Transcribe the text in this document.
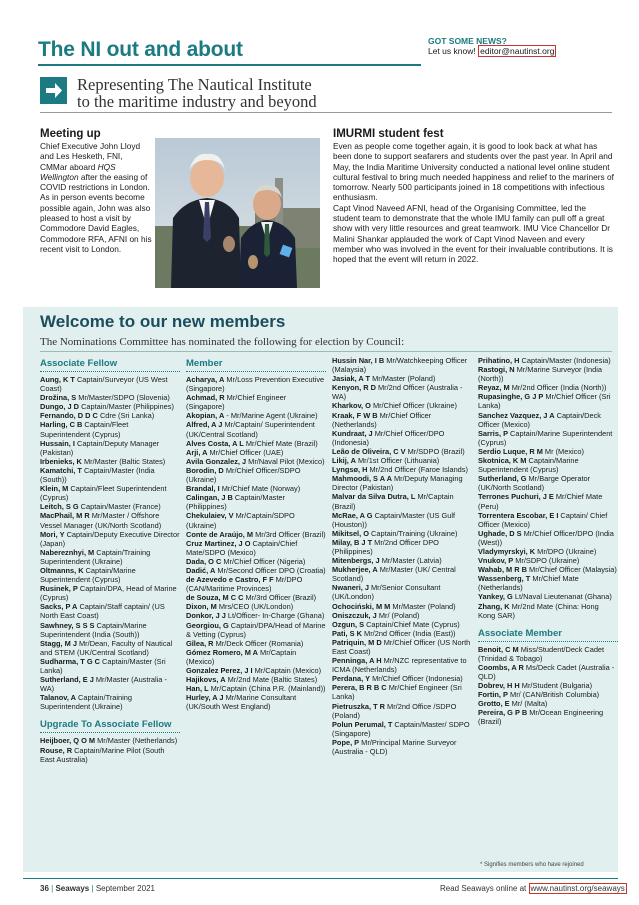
The NI out and about	GOT SOME NEWS?
Let us know! editor@nautinst.org
Representing The Nautical Institute
to the maritime industry and beyond
Meeting up
Chief Executive John Lloyd and Les Hesketh, FNI, CMMar aboard HQS Wellington after the easing of COVID restrictions in London.
As in person events become possible again, John was also pleased to host a visit by Commodore David Eagles, Commodore RFA, AFNI on his recent visit to London.
IMURMI student fest
Even as people come together again, it is good to look back at what has been done to support seafarers and students over the past year. In April and May, the India Maritime University conducted a national level online student cultural festival to bring much needed happiness and relief to the mariners of tomorrow. Nearly 500 participants joined in 18 competitions with infectious enthusiasm.
Capt Vinod Naveed AFNI, head of the Organising Committee, led the student team to demonstrate that the whole IMU family can pull off a great show with very little resources and great teamwork. IMU Vice Chancellor Dr Malini Shankar applauded the work of Capt Vinod Naveen and every member who was involved in the event for their invaluable contributions. It is hoped that the event will return in 2022.
Welcome to our new members
The Nominations Committee has nominated the following for election by Council:
Associate Fellow

Aung, K T Captain/Surveyor (US West Coast)

Drožina, S Mr/Master/SDPO (Slovenia)

Dungo, J D Captain/Master (Philippines)

Fernando, D D C Cdre (Sri Lanka)

Harling, C B Captain/Fleet Superintendent (Cyprus)

Hussain, I Captain/Deputy Manager (Pakistan)

Irbenieks, K Mr/Master (Baltic States)

Kamatchi, T Captain/Master (India (South))

Klein, M Captain/Fleet Superintendent (Cyprus)

Leitch, S G Captain/Master (France)

MacPhail, M R Mr/Master / Offshore Vessel Manager (UK/North Scotland)

Mori, Y Captain/Deputy Executive Director (Japan)

Nabereznhyi, M Captain/Training Superintendent (Ukraine)

Oltmanns, K Captain/Marine Superintendent (Cyprus)

Rusinek, P Captain/DPA, Head of Marine (Cyprus)

Sacks, P A Captain/Staff captain/ (US North East Coast)

Sawhney, S S S Captain/Marine Superintendent (India (South))

Stagg, M J Mr/Dean, Faculty of Nautical and STEM (UK/Central Scotland)

Sudharma, T G C Captain/Master (Sri Lanka)

Sutherland, E J Mr/Master (Australia - WA)

Talanov, A Captain/Training Superintendent (Ukraine)

Upgrade To Associate Fellow

Heijboer, Q O M Mr/Master (Netherlands)

Rouse, R Captain/Marine Pilot (South East Australia)

Member

Acharya, A Mr/Loss Prevention Executive (Singapore)

Achmad, R Mr/Chief Engineer (Singapore)

Akopian, A - Mr/Marine Agent (Ukraine)

Alfred, A J Mr/Captain/ Superintendent (UK/Central Scotland)

Alves Costa, A L Mr/Chief Mate (Brazil)

Arji, A Mr/Chief Officer (UAE)

Avila Gonzalez, J Mr/Naval Pilot (Mexico)

Borodin, D Mr/Chief Officer/SDPO (Ukraine)

Brandal, I Mr/Chief Mate (Norway)

Calingan, J B Captain/Master (Philippines)

Chekulaiev, V Mr/Captain/SDPO (Ukraine)

Conte de Araújo, M Mr/3rd Officer (Brazil)

Cruz Martinez, J O Captain/Chief Mate/SDPO (Mexico)

Dada, O C Mr/Chief Officer (Nigeria)

Dadić, A Mr/Second Officer DPO (Croatia)

de Azevedo e Castro, F F Mr/DPO (CAN/Maritime Provinces)

de Souza, M C C Mr/3rd Officer (Brazil)

Dixon, M Mrs/CEO (UK/London)

Donkor, J J Lt/Officer- In-Charge (Ghana)

Georgiou, G Captain/DPA/Head of Marine & Vetting (Cyprus)

Gîlea, R Mr/Deck Officer (Romania)

Gómez Romero, M A Mr/Captain (Mexico)

Gonzalez Perez, J I Mr/Captain (Mexico)

Hajikovs, A Mr/2nd Mate (Baltic States)

Han, L Mr/Captain (China P.R. (Mainland))

Hurley, A J Mr/Marine Consultant (UK/South West England)

Hussin Nar, I B Mr/Watchkeeping Officer (Malaysia)

Jasiak, A T Mr/Master (Poland)

Kenyon, R D Mr/2nd Officer (Australia - WA)

Kharkov, O Mr/Chief Officer (Ukraine)

Kraak, F W B Mr/Chief Officer (Netherlands)

Kundraat, J Mr/Chief Officer/DPO (Indonesia)

Leão de Oliveira, C V Mr/SDPO (Brazil)

Likij, A Mr/1st Officer (Lithuania)

Lyngsø, H Mr/2nd Officer (Faroe Islands)

Mahmoodi, S A A Mr/Deputy Managing Director (Pakistan)

Malvar da Silva Dutra, L Mr/Captain (Brazil)

McRae, A G Captain/Master (US Gulf (Houston))

Mikitsel, O Captain/Training (Ukraine)

Milay, B J T Mr/2nd Officer DPO (Philippines)

Mitenbergs, J Mr/Master (Latvia)

Mukherjee, A Mr/Master (UK/ Central Scotland)

Nwaneri, J Mr/Senior Consultant (UK/London)

Ochociński, M M Mr/Master (Poland)

Oniszczuk, J Mr/ (Poland)

Ozgun, S Captain/Chief Mate (Cyprus)

Pati, S K Mr/2nd Officer (India (East))

Patriquin, M D Mr/Chief Officer (US North East Coast)

Penninga, A H Mr/NZC representative to ICMA (Netherlands)

Perdana, Y Mr/Chief Officer (Indonesia)

Perera, B R B C Mr/Chief Engineer (Sri Lanka)

Pietruszka, T R Mr/2nd Office /SDPO (Poland)

Polun Perumal, T Captain/Master/ SDPO (Singapore)

Pope, P Mr/Principal Marine Surveyor (Australia - QLD)

Prihatino, H Captain/Master (Indonesia)

Rastogi, N Mr/Marine Surveyor (India (North))

Reyaz, M Mr/2nd Officer (India (North))

Rupasinghe, G J P Mr/Chief Officer (Sri Lanka)

Sanchez Vazquez, J A Captain/Deck Officer (Mexico)

Sarris, P Captain/Marine Superintendent (Cyprus)

Serdio Luque, R M Mr (Mexico)

Skotnica, K M Captain/Marine Superintendent (Cyprus)

Sutherland, G Mr/Barge Operator (UK/North Scotland)

Terrones Puchuri, J E Mr/Chief Mate (Peru)

Torrentera Escobar, E I Captain/ Chief Officer (Mexico)

Ughade, D S Mr/Chief Officer/DPO (India (West))

Vladymyrskyi, K Mr/DPO (Ukraine)

Vnukov, P Mr/SDPO (Ukraine)

Wahab, M R B Mr/Chief Officer (Malaysia)

Wassenberg, T Mr/Chief Mate (Netherlands)

Yankey, G Lt/Naval Lieutenanat (Ghana)

Zhang, K Mr/2nd Mate (China: Hong Kong SAR)

Associate Member

Benoit, C M Miss/Student/Deck Cadet (Trinidad & Tobago)

Coombs, A R Ms/Deck Cadet (Australia - QLD)

Dobrev, H H Mr/Student (Bulgaria)

Fortin, P Mr/ (CAN/British Columbia)

Grotto, E Mr/ (Malta)

Pereira, G P B Mr/Ocean Engineering (Brazil)

* Signifies members who have rejoined
36 | Seaways | September 2021	Read Seaways online at www.nautinst.org/seaways
